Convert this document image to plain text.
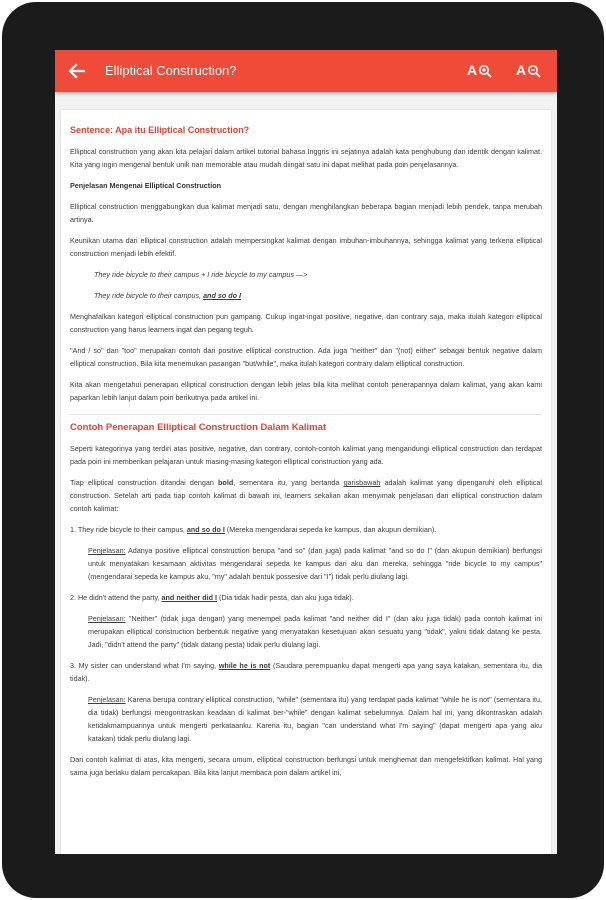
Elliptical Construction?	A	A

Sentence: Apa itu Elliptical Construction?

Elliptical construction yang akan kita pelajari dalam artikel tutorial bahasa Inggris ini sejatinya adalah kata penghubung dan identik dengan kalimat. Kita yang ingin mengenal bentuk unik nan memorable atau mudah diingat satu ini dapat melihat pada poin penjelasannya.

Penjelasan Mengenai Elliptical Construction

Elliptical construction menggabungkan dua kalimat menjadi satu, dengan menghilangkan beberapa bagian menjadi lebih pendek, tanpa merubah artinya.

Keunikan utama dari elliptical construction adalah mempersingkat kalimat dengan imbuhan-imbuhannya, sehingga kalimat yang terkena elliptical construction menjadi lebih efektif.

They ride bicycle to their campus + I ride bicycle to my campus —>

They ride bicycle to their campus, and so do I

Menghafalkan kategori elliptical construction pun gampang. Cukup ingat-ingat positive, negative, dan contrary saja, maka itulah kategori elliptical construction yang harus learners ingat dan pegang teguh.

"And / so" dan "too" merupakan contoh dari positive elliptical construction. Ada juga "neither" dan "(not) either" sebagai bentuk negative dalam elliptical construction. Bila kita menemukan pasangan "but/while", maka itulah kategori contrary dalam elliptical construction.

Kita akan mengetahui penerapan elliptical construction dengan lebih jelas bila kita melihat contoh penerapannya dalam kalimat, yang akan kami paparkan lebih lanjut dalam poin berikutnya pada artikel ini.

Contoh Penerapan Elliptical Construction Dalam Kalimat

Seperti kategorinya yang terdiri atas positive, negative, dan contrary, contoh-contoh kalimat yang mengandungi elliptical construction dan terdapat pada poin ini memberikan pelajaran untuk masing-masing kategori elliptical construction yang ada.

Tiap elliptical construction ditandai dengan bold, sementara itu, yang bertanda garisbawah adalah kalimat yang dipengaruhi oleh elliptical construction. Setelah arti pada tiap contoh kalimat di bawah ini, learners sekalian akan menyimak penjelasan dari elliptical construction dalam contoh kalimat:

1. They ride bicycle to their campus, and so do I (Mereka mengendarai sepeda ke kampus, dan akupun demikian).

Penjelasan: Adanya positive elliptical construction berupa "and so" (dan juga) pada kalimat "and so do I" (dan akupun demikian) berfungsi untuk menyatakan kesamaan aktivitas mengendarai sepeda ke kampus dari aku dan mereka, sehingga "ride bicycle to my campus" (mengendarai sepeda ke kampus aku, "my" adalah bentuk possesive dari "I") tidak perlu diulang lagi.

2. He didn't attend the party, and neither did I (Dia tidak hadir pesta, dan aku juga tidak).

Penjelasan: "Neither" (tidak juga dengan) yang menempel pada kalimat "and neither did I" (dan aku juga tidak) pada contoh kalimat ini merupakan elliptical construction berbentuk negative yang menyatakan kesetujuan akan sesuatu yang "tidak", yakni tidak datang ke pesta. Jadi, "didn't attend the party" (tidak datang pesta) tidak perlu diulang lagi.

3. My sister can understand what I'm saying, while he is not (Saudara perempuanku dapat mengerti apa yang saya katakan, sementara itu, dia tidak).

Penjelasan: Karena berupa contrary elliptical construction, "while" (sementara itu) yang terdapat pada kalimat "while he is not" (sementara itu, dia tidak) berfungsi mengontraskan keadaan di kalimat ber-"while" dengan kalimat sebelumnya. Dalam hal ini, yang dikontraskan adalah ketidakmampuannya untuk mengerti perkataanku. Karena itu, bagian "can understand what I'm saying" (dapat mengerti apa yang aku katakan) tidak perlu diulang lagi.

Dari contoh kalimat di atas, kita mengerti, secara umum, elliptical construction berfungsi untuk menghemat dan mengefektifkan kalimat. Hal yang sama juga berlaku dalam percakapan. Bila kita lanjut membaca poin dalam artikel ini,
